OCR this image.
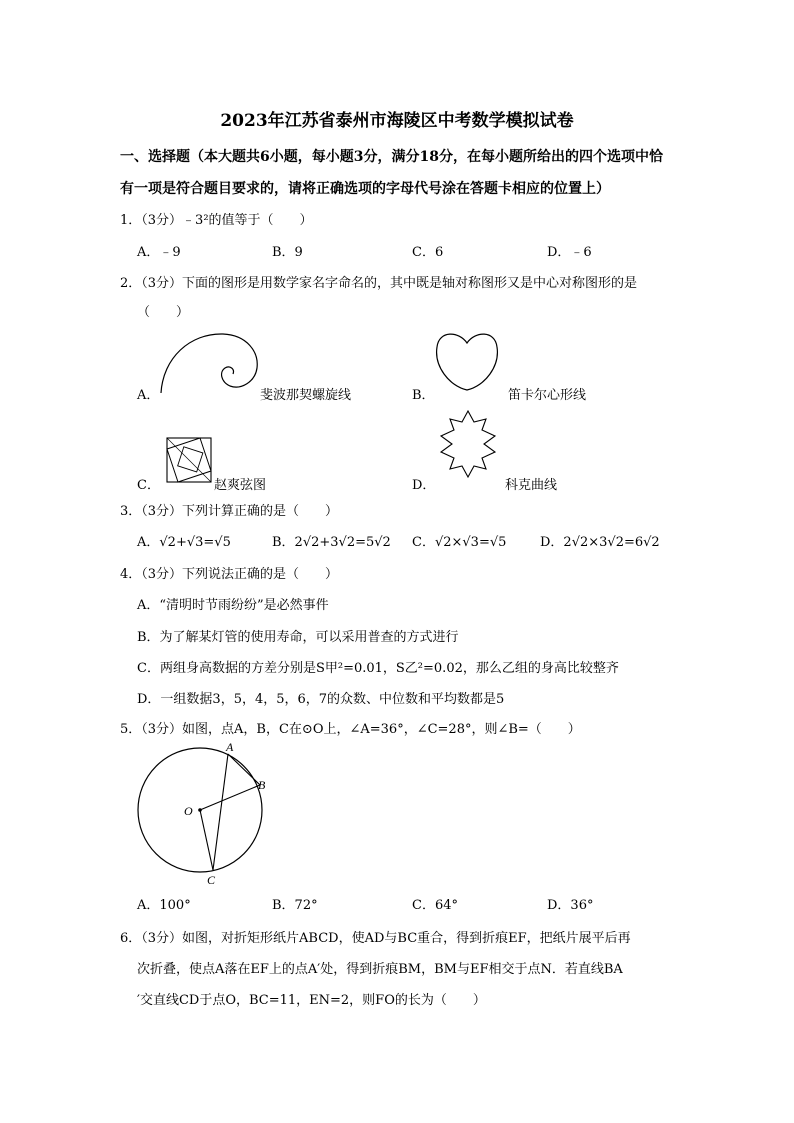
2023年江苏省泰州市海陵区中考数学模拟试卷
一、选择题（本大题共6小题，每小题3分，满分18分，在每小题所给出的四个选项中恰
有一项是符合题目要求的，请将正确选项的字母代号涂在答题卡相应的位置上）
1．（3分）﹣3²的值等于（　　）
A．﹣9	B．9	C．6	D．﹣6
2．（3分）下面的图形是用数学家名字命名的，其中既是轴对称图形又是中心对称图形的是
（　　）
A．	斐波那契螺旋线	B．	笛卡尔心形线
C．	赵爽弦图	D．	科克曲线
3．（3分）下列计算正确的是（　　）
A．√2+√3=√5	B．2√2+3√2=5√2 C．√2×√3=√5	D．2√2×3√2=6√2
4．（3分）下列说法正确的是（　　）
A．“清明时节雨纷纷”是必然事件
B．为了解某灯管的使用寿命，可以采用普查的方式进行
C．两组身高数据的方差分别是S甲²=0.01，S乙²=0.02，那么乙组的身高比较整齐
D．一组数据3，5，4，5，6，7的众数、中位数和平均数都是5
5．（3分）如图，点A，B，C在⊙O上，∠A=36°，∠C=28°，则∠B=（　　）
A
B
C
O
A．100°	B．72°	C．64°	D．36°
6．（3分）如图，对折矩形纸片ABCD，使AD与BC重合，得到折痕EF，把纸片展平后再
次折叠，使点A落在EF上的点A′处，得到折痕BM，BM与EF相交于点N．若直线BA
′交直线CD于点O，BC=11，EN=2，则FO的长为（　　）
